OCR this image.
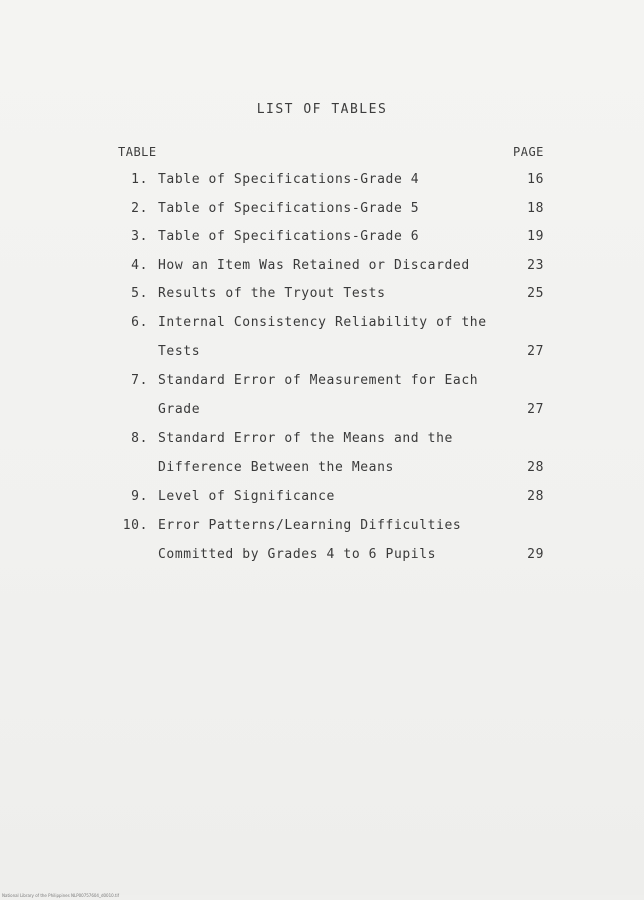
LIST OF TABLES
TABLE	PAGE
1. Table of Specifications-Grade 4	16
2. Table of Specifications-Grade 5	18
3. Table of Specifications-Grade 6	19
4. How an Item Was Retained or Discarded	23
5. Results of the Tryout Tests	25
6. Internal Consistency Reliability of the
Tests	27
7. Standard Error of Measurement for Each
Grade	27
8. Standard Error of the Means and the
Difference Between the Means	28
9. Level of Significance	28
10. Error Patterns/Learning Difficulties
Committed by Grades 4 to 6 Pupils	29
National Library of the Philippines NLP00757604_d0010.tif
